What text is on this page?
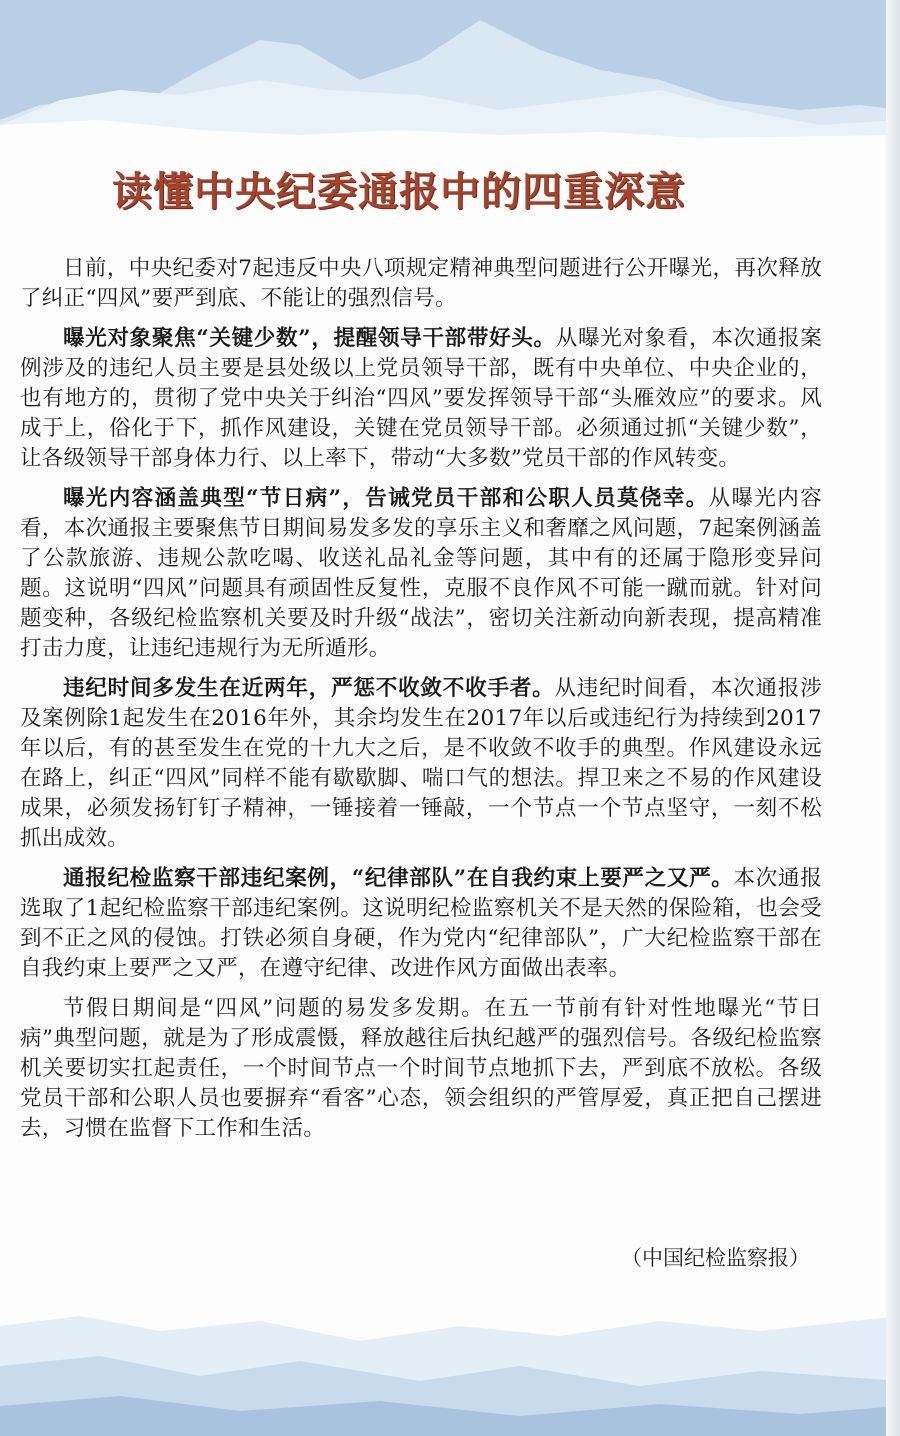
读懂中央纪委通报中的四重深意

日前，中央纪委对7起违反中央八项规定精神典型问题进行公开曝光，再次释放了纠正“四风”要严到底、不能让的强烈信号。

曝光对象聚焦“关键少数”，提醒领导干部带好头。从曝光对象看，本次通报案例涉及的违纪人员主要是县处级以上党员领导干部，既有中央单位、中央企业的，也有地方的，贯彻了党中央关于纠治“四风”要发挥领导干部“头雁效应”的要求。风成于上，俗化于下，抓作风建设，关键在党员领导干部。必须通过抓“关键少数”，让各级领导干部身体力行、以上率下，带动“大多数”党员干部的作风转变。

曝光内容涵盖典型“节日病”，告诫党员干部和公职人员莫侥幸。从曝光内容看，本次通报主要聚焦节日期间易发多发的享乐主义和奢靡之风问题，7起案例涵盖了公款旅游、违规公款吃喝、收送礼品礼金等问题，其中有的还属于隐形变异问题。这说明“四风”问题具有顽固性反复性，克服不良作风不可能一蹴而就。针对问题变种，各级纪检监察机关要及时升级“战法”，密切关注新动向新表现，提高精准打击力度，让违纪违规行为无所遁形。

违纪时间多发生在近两年，严惩不收敛不收手者。从违纪时间看，本次通报涉及案例除1起发生在2016年外，其余均发生在2017年以后或违纪行为持续到2017年以后，有的甚至发生在党的十九大之后，是不收敛不收手的典型。作风建设永远在路上，纠正“四风”同样不能有歇歇脚、喘口气的想法。捍卫来之不易的作风建设成果，必须发扬钉钉子精神，一锤接着一锤敲，一个节点一个节点坚守，一刻不松抓出成效。

通报纪检监察干部违纪案例，“纪律部队”在自我约束上要严之又严。本次通报选取了1起纪检监察干部违纪案例。这说明纪检监察机关不是天然的保险箱，也会受到不正之风的侵蚀。打铁必须自身硬，作为党内“纪律部队”，广大纪检监察干部在自我约束上要严之又严，在遵守纪律、改进作风方面做出表率。

节假日期间是“四风”问题的易发多发期。在五一节前有针对性地曝光“节日病”典型问题，就是为了形成震慑，释放越往后执纪越严的强烈信号。各级纪检监察机关要切实扛起责任，一个时间节点一个时间节点地抓下去，严到底不放松。各级党员干部和公职人员也要摒弃“看客”心态，领会组织的严管厚爱，真正把自己摆进去，习惯在监督下工作和生活。

（中国纪检监察报）
